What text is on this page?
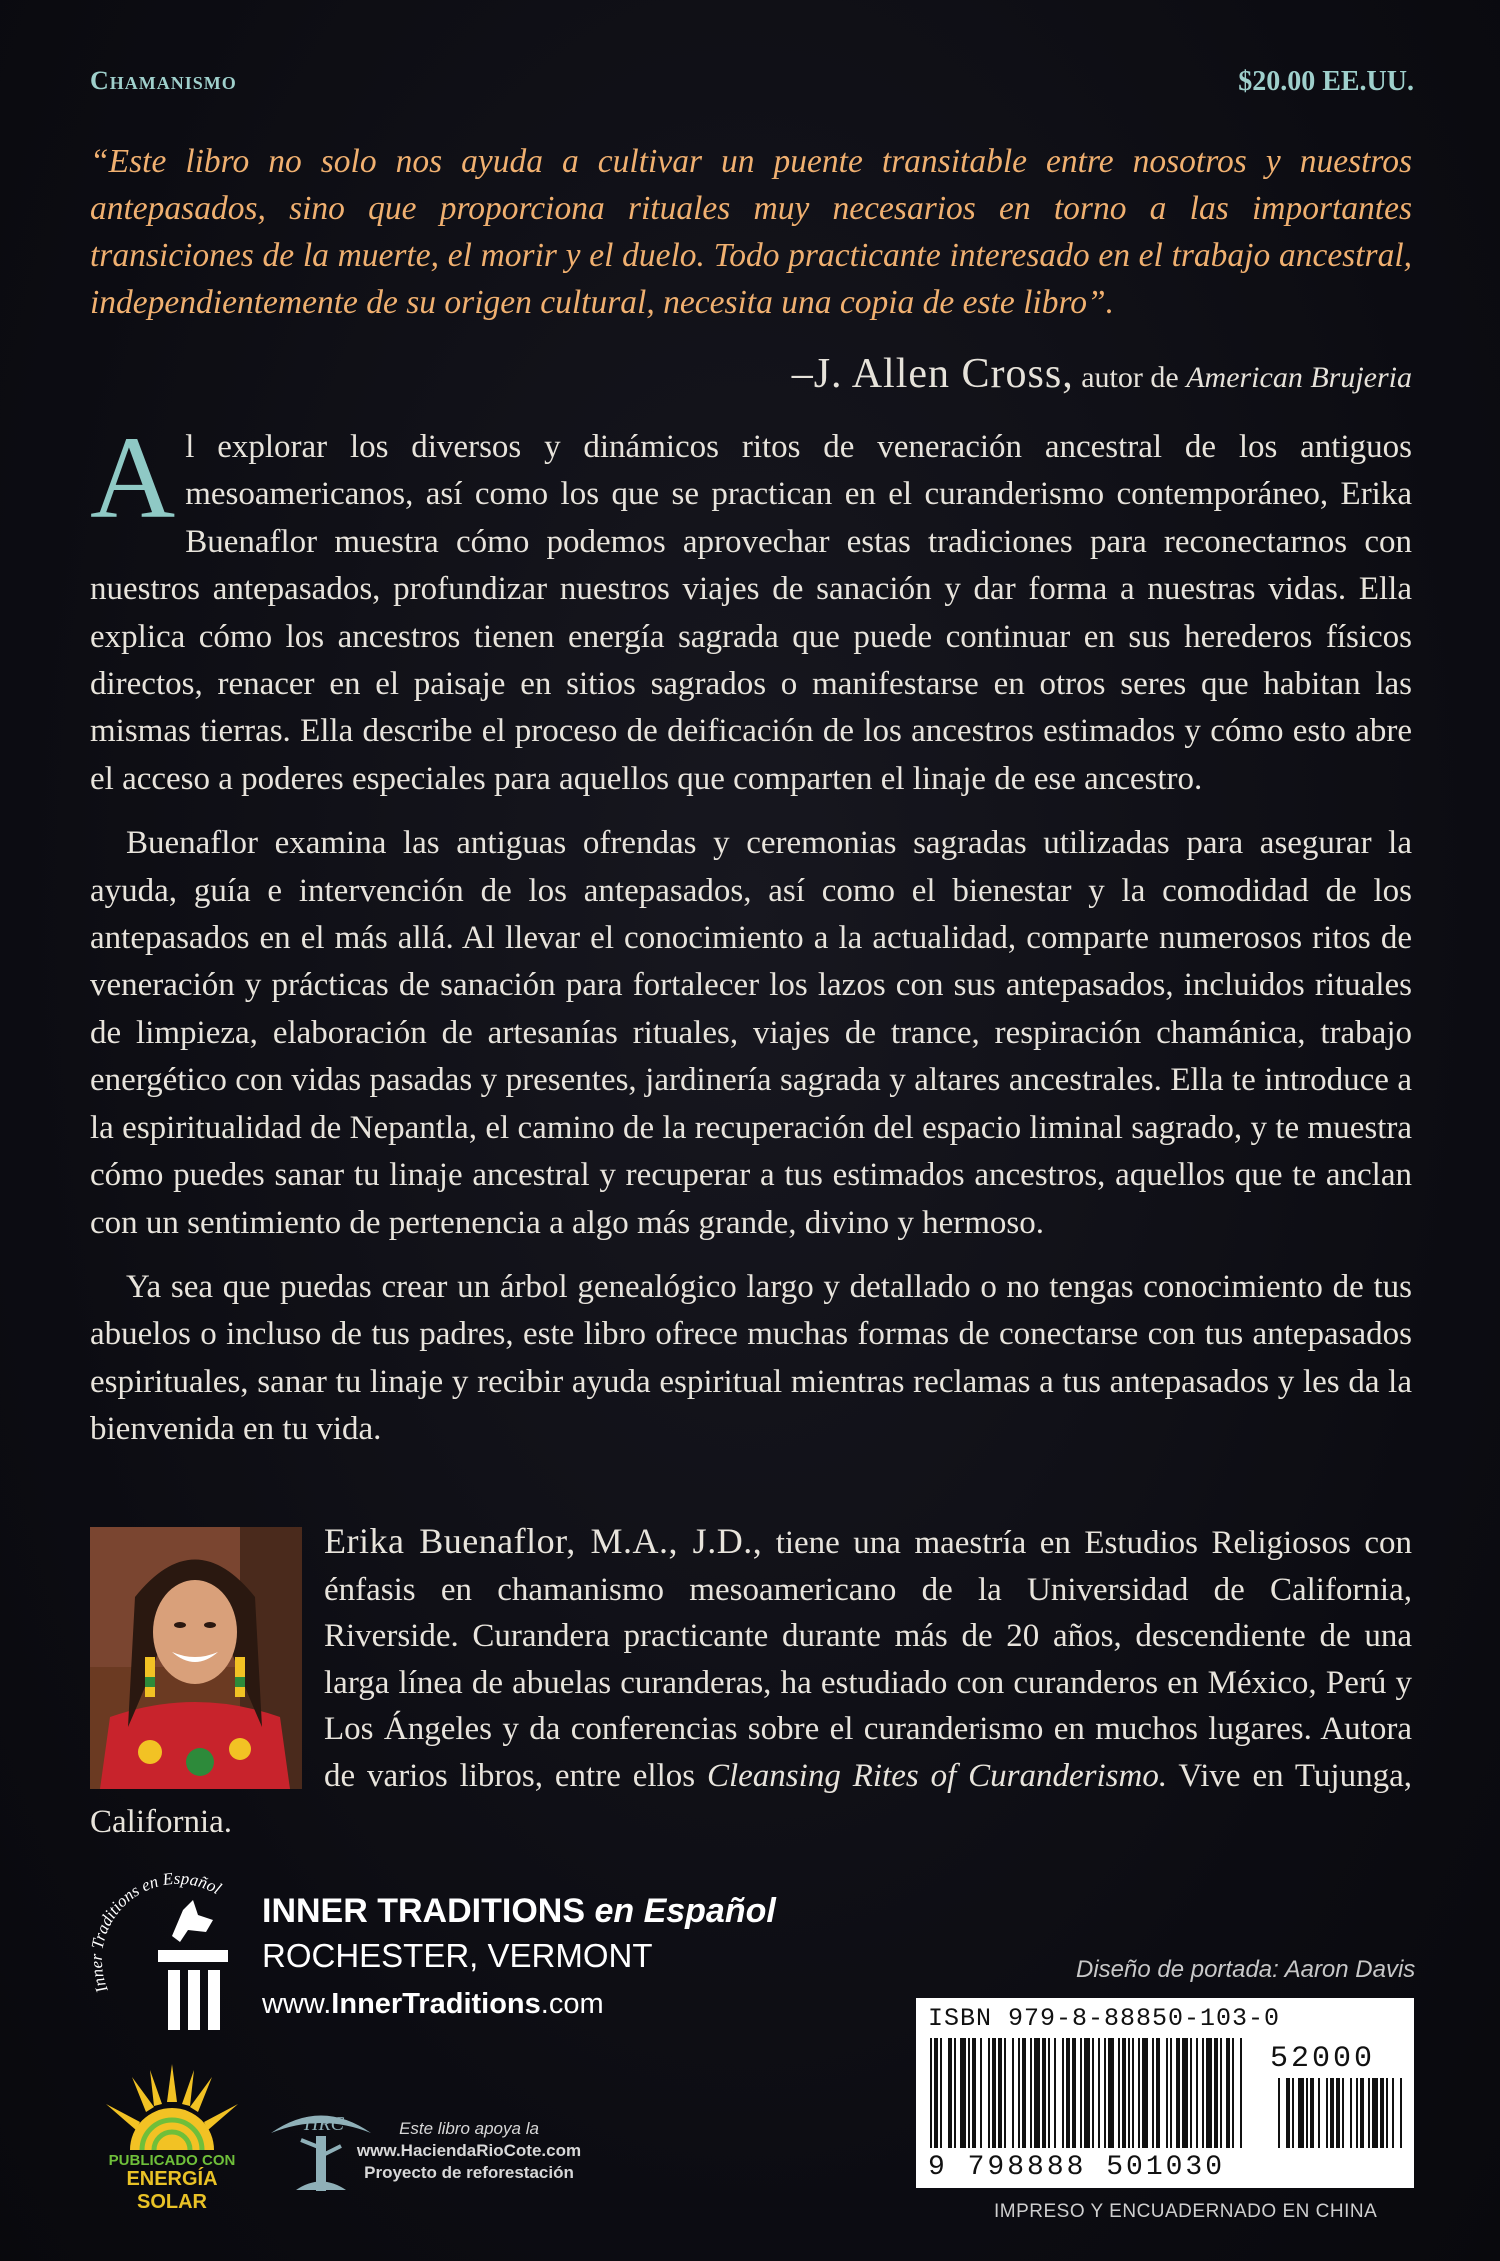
Chamanismo	$20.00 EE.UU.
“Este libro no solo nos ayuda a cultivar un puente transitable entre nosotros y nuestros antepasados, sino que proporciona rituales muy necesarios en torno a las importantes transiciones de la muerte, el morir y el duelo. Todo practicante interesado en el trabajo ancestral, independientemente de su origen cultural, necesita una copia de este libro”.
–J. Allen Cross, autor de American Brujeria

Al explorar los diversos y dinámicos ritos de veneración ancestral de los antiguos mesoamericanos, así como los que se practican en el curanderismo contemporáneo, Erika Buenaflor muestra cómo podemos aprovechar estas tradiciones para reconectarnos con nuestros antepasados, profundizar nuestros viajes de sanación y dar forma a nuestras vidas. Ella explica cómo los ancestros tienen energía sagrada que puede continuar en sus herederos físicos directos, renacer en el paisaje en sitios sagrados o manifestarse en otros seres que habitan las mismas tierras. Ella describe el proceso de deificación de los ancestros estimados y cómo esto abre el acceso a poderes especiales para aquellos que comparten el linaje de ese ancestro.

Buenaflor examina las antiguas ofrendas y ceremonias sagradas utilizadas para asegurar la ayuda, guía e intervención de los antepasados, así como el bienestar y la comodidad de los antepasados en el más allá. Al llevar el conocimiento a la actualidad, comparte numerosos ritos de veneración y prácticas de sanación para fortalecer los lazos con sus antepasados, incluidos rituales de limpieza, elaboración de artesanías rituales, viajes de trance, respiración chamánica, trabajo energético con vidas pasadas y presentes, jardinería sagrada y altares ancestrales. Ella te introduce a la espiritualidad de Nepantla, el camino de la recuperación del espacio liminal sagrado, y te muestra cómo puedes sanar tu linaje ancestral y recuperar a tus estimados ancestros, aquellos que te anclan con un sentimiento de pertenencia a algo más grande, divino y hermoso.

Ya sea que puedas crear un árbol genealógico largo y detallado o no tengas conocimiento de tus abuelos o incluso de tus padres, este libro ofrece muchas formas de conectarse con tus antepasados espirituales, sanar tu linaje y recibir ayuda espiritual mientras reclamas a tus antepasados y les da la bienvenida en tu vida.

Erika Buenaflor, M.A., J.D., tiene una maestría en Estudios Religiosos con énfasis en chamanismo mesoamericano de la Universidad de California, Riverside. Curandera practicante durante más de 20 años, descendiente de una larga línea de abuelas curanderas, ha estudiado con curanderos en México, Perú y Los Ángeles y da conferencias sobre el curanderismo en muchos lugares. Autora de varios libros, entre ellos Cleansing Rites of Curanderismo. Vive en Tujunga, California.
Inner Traditions en Español
INNER TRADITIONS en Español
ROCHESTER, VERMONT
www.InnerTraditions.com
Diseño de portada: Aaron Davis
ISBN 979-8-88850-103-0
52000
9 798888 501030
IMPRESO Y ENCUADERNADO EN CHINA
PUBLICADO CON
ENERGÍA SOLAR
HRC	Este libro apoya la
www.HaciendaRioCote.com
Proyecto de reforestación
